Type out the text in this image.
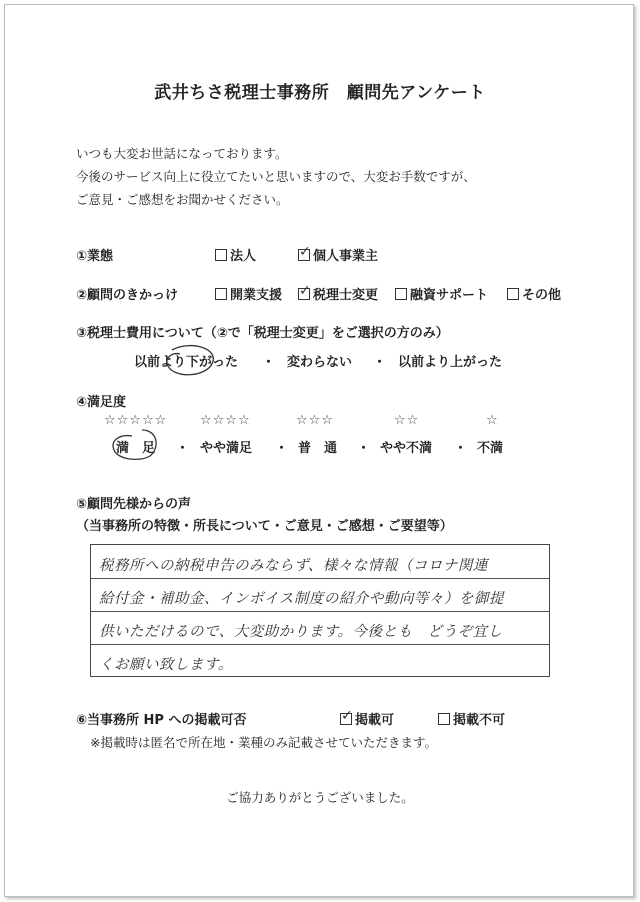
武井ちさ税理士事務所　顧問先アンケート
いつも大変お世話になっております。
今後のサービス向上に役立てたいと思いますので、大変お手数ですが、
ご意見・ご感想をお聞かせください。
①業態	法人	✓ 個人事業主
②顧問のきかっけ	開業支援 ✓ 税理士変更	融資サポート	その他
③税理士費用について（②で「税理士変更」をご選択の方のみ）
以前より下がった ・ 変わらない ・ 以前より上がった
④満足度
☆☆☆☆☆	☆☆☆☆	☆☆☆	☆☆	☆
満　足 ・ やや満足 ・ 普　通 ・ やや不満 ・ 不満
⑤顧問先様からの声
（当事務所の特徴・所長について・ご意見・ご感想・ご要望等）
税務所への納税申告のみならず、様々な情報（コロナ関連
給付金・補助金、インボイス制度の紹介や動向等々）を御提
供いただけるので、大変助かります。今後とも　どうぞ宜し
くお願い致します。
⑥当事務所 HP への掲載可否	✓ 掲載可	掲載不可
※掲載時は匿名で所在地・業種のみ記載させていただきます。
ご協力ありがとうございました。
